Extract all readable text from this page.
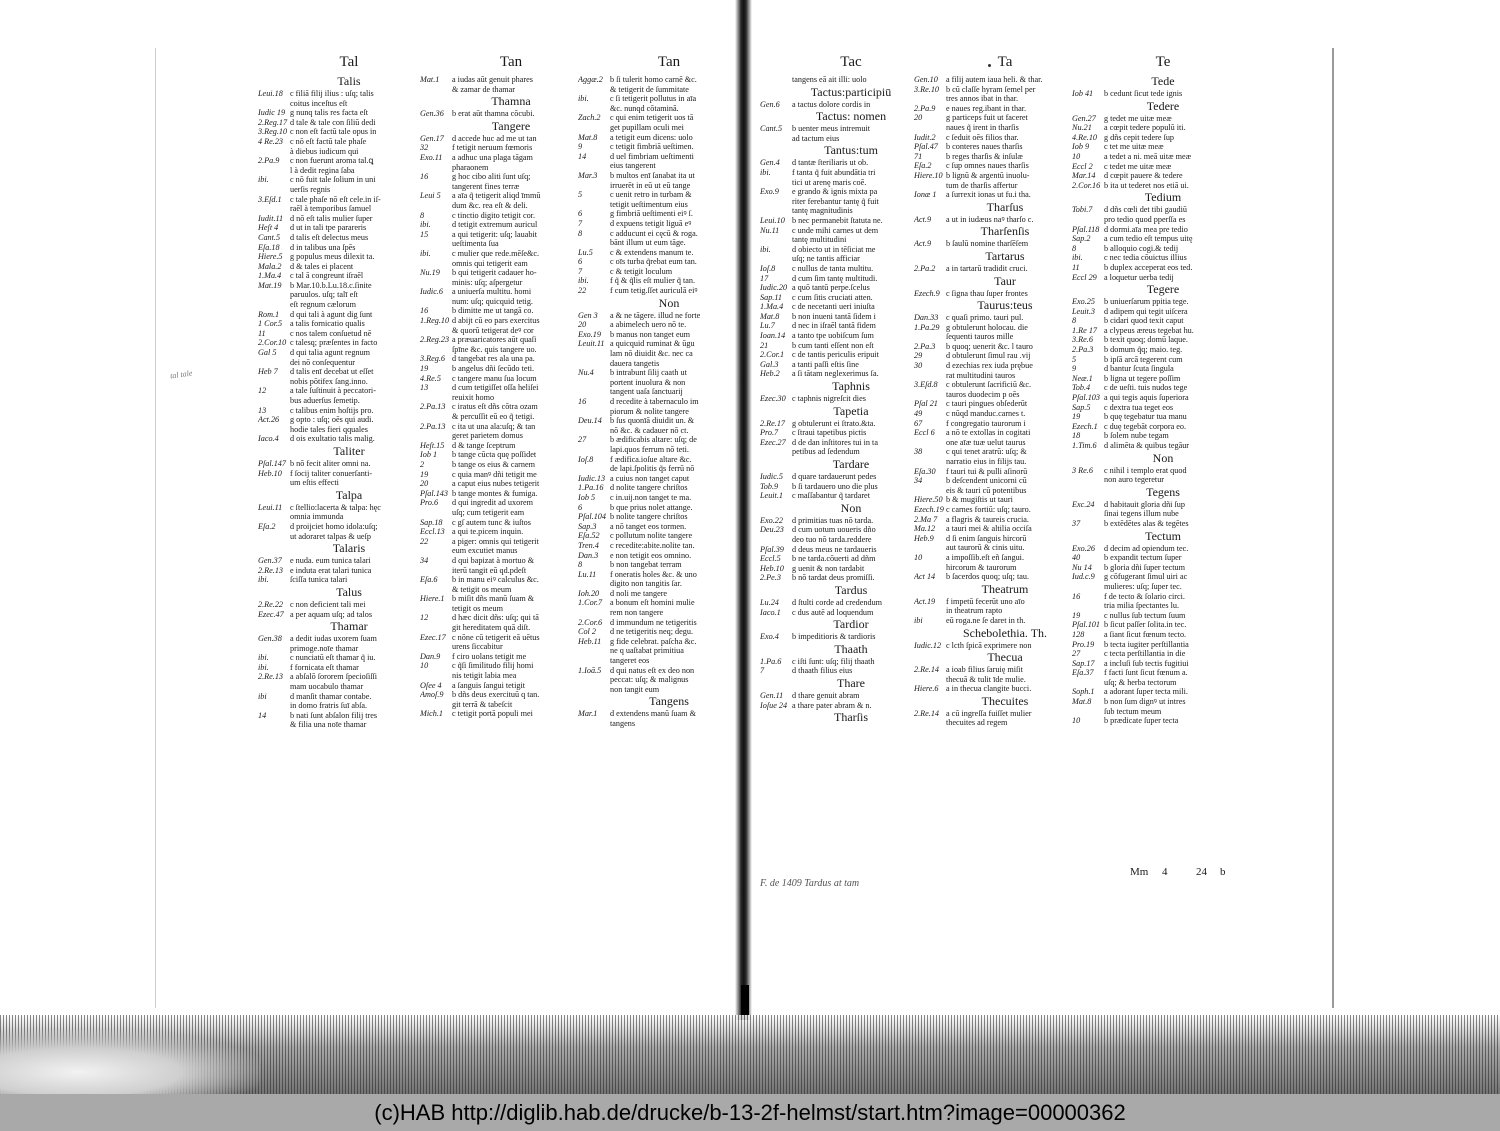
Tal
Talis
Leui.18 c filiā filij ilius : uſq; talis
coitus inceſtus eſt
Iudic 19 g nunq talis res facta eſt
2.Reg.17 d tale & tale con ſiliū dedi
3.Reg.10 c non eſt factū tale opus in
4 Re.23 c nō eſt factū tale phaſe
à diebus iudicum qui
2.Pa.9 c non fuerunt aroma tal.ꝗ
l à dedit regina ſaba
ibi.	c nō fuit tale ſolium in uni
uerſis regnis
3.Eſd.1 c tale phaſe nō eſt cele.in iſ-
raēl à temporibus ſamuel
Iudit.11 d nō eſt talis mulier ſuper
Heſt 4 d ut in tali tpe parareris
Cant.5 d talis eſt delectus meus
Eſa.18 d in talibus una ſpēs
Hiere.5 g populus meus dilexit ta.
Mala.2 d & tales ei placent
1.Ma.4 c tal ā congreunt iſraēl
Mat.19 b Mar.10.b.Lu.18.c.ſinite
paruulos. uſq; talī eſt
eſt regnum cælorum
Rom.1 d qui tali à agunt dig ſunt
1 Cor.5 a talis fornicatio qualis
11	c nos talem conſuetud nē
2.Cor.10 c talesq; præſentes in facto
Gal 5 d qui talia agunt regnum
dei nō conſequentur
Heb 7 d talis enī decebat ut eſſet
nobis pōtifex ſang.inno.
12	a tale ſuſtinuit à peccatori-
bus aduerſus ſemetip.
13	c talibus enim hoſtijs pro.
Act.26 g opto : uſq; oēs qui audi.
hodie tales fieri qquales
Iaco.4 d ois exultatio talis malig.
Taliter
Pſal.147 b nō fecit aliter omni na.
Heb.10 f ſocij taliter conuerſanti-
um eſtis effecti
Talpa
Leui.11 c ſtellio:lacerta & talpa: hęc
omnia immunda
Eſa.2 d proijciet homo idola:uſq;
ut adoraret talpas & ueſp
Talaris
Gen.37 e nuda. eum tunica talari
2.Re.13 e induta erat talari tunica
ibi.	ſciſſa tunica talari
Talus
2.Re.22 c non deficient tali mei
Ezec.47 a per aquam uſq; ad talos
Thamar
Gen.38 a dedit iudas uxorem ſuam
primoge.noīe thamar
ibi.	c nunciatū eſt thamar q̃ iu.
ibi.	f fornicata eſt thamar
2.Re.13 a abſalō ſororem ſpecioſiſſi
mam uocabulo thamar
ibi	d manſit thamar contabe.
in domo fratris ſuī abſa.
14	b nati ſunt abſalon filij tres
& filia una noīe thamar
Tan
Mat.1 a iudas aūt genuit phares
& zamar de thamar
Thamna
Gen.36 b erat aūt thamna cōcubi.
Tangere
Gen.17 d accede huc ad me ut tan
32	f tetigit neruum fœmoris
Exo.11 a adhuc una plaga tāgam
pharaonem
16	g hoc cibo aliti ſunt uſq;
tangerent fines terræ
Leui 5 a aīa q̃ tetigerit aliqd īmmū
dum &c. rea eſt & deli.
8	c tinctio digito tetigit cor.
ibi.	d tetigit extremum auricul
15	a qui tetigerit: uſq; lauabit
ueſtimenta ſua
ibi.	c mulier que rede.mēſe&c.
omnis qui tetigerit eam
Nu.19 b qui tetigerit cadauer ho-
minis: uſq; aſpergetur
Iudic.6 a uniuerſa multitu. homi
num: uſq; quicquid tetig.
16	b dimitte me ut tangā co.
1.Reg.10 d abijt cū eo pars exercitus
& quorū tetigerat deꝰ cor
2.Reg.23 a præuaricatores aūt quaſi
ſpīne &c. quis tangere uo.
3.Reg.6 d tangebat res ala una pa.
19	b angelus dñi ſecūdo teti.
4.Re.5 c tangere manu ſua locum
13	d cum tetigiſſet oſſa heliſei
reuixit homo
2.Pa.13 c iratus eſt dñs cōtra ozam
& percuſſit eū eo q̃ tetigi.
2.Pa.13 c ita ut una ala:uſq; & tan
geret parietem domus
Heſt.15 d & tange ſceptrum
Iob 1 b tange cūcta quę poſſidet
2	b tange os eius & carnem
19	c quia manꝰ dñi tetigit me
20	a caput eius nubes tetigerit
Pſal.143 b tange montes & fumiga.
Pro.6 d qui ingredit ad uxorem
uſq; cum tetigerit eam
Sap.18 c gſ autem tunc & iuſtos
Eccl.13 a qui te.picem inquin.
22	a piger: omnis qui tetigerit
eum excutiet manus
34	d qui bapizat à mortuo &
iterū tangit eū qd.pdeſt
Eſa.6 b in manu eiꝰ calculus &c.
& tetigit os meum
Hiere.1 b miſit dñs manū ſuam &
tetigit os meum
12	d hæc dicit dñs: uſq; qui tā
git hereditatem quā diſt.
Ezec.17 c nōne cū tetigerit eā uētus
urens ſiccabitur
Dan.9 f ciro uolans tetigit me
10	c q̃ſi ſimilitudo filij homi
nis tetigit labia mea
Oſee 4 a ſanguis ſangui tetigit
Amoſ.9 b dñs deus exercituū q tan.
git terrā & tabeſcit
Mich.1 c tetigit portā populi mei
Tan
Aggæ.2 b ſi tulerit homo carnē &c.
& tetigerit de ſummitate
ibi.	c ſi tetigerit pollutus in aīa
&c. nunqd cōtaminā.
Zach.2 c qui enim tetigerit uos tā
get pupillam oculi mei
Mat.8 a tetigit eum dicens: uolo
9	c tetigit fimbriā ueſtimen.
14	d uel fimbriam ueſtimenti
eius tangerent
Mar.3 b multos enī ſanabat ita ut
irruerēt in eū ut eū tange
5	c uenit retro in turbam &
tetigit ueſtimentum eius
6	g fimbriā ueſtimenti eiꝰ ſ.
7	d expuens tetigit liguā eꝰ
8	c adducunt ei cęcū & roga.
bānt illum ut eum tāge.
Lu.5 c & extendens manum te.
6	c oīs turba q̃rebat eum tan.
7	c & tetigit loculum
ibi.	f q̃ & q̃lis eſt mulier q̃ tan.
22	f cum tetig.ſſet auriculā eiꝰ
Non
Gen 3 a & ne tāgere. illud ne forte
20	a abimelech uero nō te.
Exo.19 b manus non tanget eum
Leuit.11 a quicquid ruminat & ūgu
lam nō diuidit &c. nec ca
dauera tangetis
Nu.4 b intrabunt ſilij caath ut
portent inuolura & non
tangent uaſa ſanctuarij
16	d recedite à tabernaculo im
piorum & nolite tangere
Deu.14 b ſus quonīā diuidit un. &
nō &c. & cadauer nō ct.
27	b ædificabis altare: uſq; de
lapi.quos ferrum nō teti.
Ioſ.8 f ædifica.ioſue altare &c.
de lapi.ſpolitis q̃s ferrū nō
Iudic.13 a cuius non tanget caput
1.Pa.16 d nolite tangere chriſtos
Iob 5 c in.uij.non tanget te ma.
6	b que prius nolet attange.
Pſal.104 b nolite tangere chriſtos
Sap.3 a nō tanget eos tormen.
Eſa.52 c pollutum nolite tangere
Tren.4 c recedite:abite.nolite tan.
Dan.3 e non tetigit eos omnino.
8	b non tangebat terram
Lu.11 f oneratis holes &c. & uno
digito non tangitis ſar.
Ioh.20 d noli me tangere
1.Cor.7 a bonum eſt homini mulie
rem non tangere
2.Cor.6 d immundum ne tetigeritis
Col 2 d ne tetigeritis neq; degu.
Heb.11 g fide celebrat. paſcha &c.
ne q uaſtabat primitiua
tangeret eos
1.Ioā.5 d qui natus eſt ex deo non
peccat: uſq; & malignus
non tangit eum
Tangens
Mar.1 d extendens manū ſuam &
tangens
Tac
tangens eā ait illi: uolo
Tactus:participiū
Gen.6 a tactus dolore cordis in
Tactus: nomen
Cant.5 b uenter meus intremuit
ad tactum eius
Tantus:tum
Gen.4 d tantæ ſteriliaris ut ob.
ibi.	f tanta q̃ fuit abundātia tri
tici ut arenę maris coē.
Exo.9 e grando & ignis mixta pa
riter ferebantur tantę q̃ fuit
tantę magnitudinis
Leui.10 b nec permanebit ſtatuta ne.
Nu.11 c unde mihi carnes ut dem
tantę multitudini
ibi.	d obiecto ut in tēſiciat me
uſq; ne tantis afficiar
Ioſ.8 c nullus de tanta multitu.
17	d cum ſim tantę multitudi.
Iudic.20 a quō tantū perpe.ſcelus
Sap.11 c cum ſitis cruciati atten.
1.Ma.4 c de necetanti ueri iniuſta
Mat.8 b non inueni tantā ſidem i
Lu.7 d nec in iſraēl tantā fidem
Ioan.14 a tanto tpe uobiſcum ſum
21	b cum tanti eſſent non eſt
2.Cor.1 c de tantis periculis eripuit
Gal.3 a tanti paſſi eſtis ſine
Heb.2 a ſi tātam neglexerimus ſa.
Taphnis
Ezec.30 c taphnis nigreſcit dies
Tapetia
2.Re.17 g obtulerunt ei ſtrato.&ta.
Pro.7 c ſtraui tapetibus pictis
Ezec.27 d de dan inſtitores tui in ta
petibus ad ſedendum
Tardare
Iudic.5 d quare tardauerunt pedes
Tob.9 b ſi tardauero uno die plus
Leuit.1 c maſſabantur q̃ tardaret
Non
Exo.22 d primitias tuas nō tarda.
Deu.23 d cum uotum uoueris dño
deo tuo nō tarda.reddere
Pſal.39 d deus meus ne tardaueris
Eccl.5 b ne tarda.cōuerti ad dñm
Heb.10 g uenit & non tardabit
2.Pe.3 b nō tardat deus promiſſi.
Tardus
Lu.24 d ſtulti corde ad credendum
Iaco.1 c dus autē ad loquendum
Tardior
Exo.4 b impeditioris & tardioris
Thaath
1.Pa.6 c iſti ſunt: uſq; filij thaath
7	d thaath filius eius
Thare
Gen.11 d thare genuit abram
Ioſue 24 a thare pater abram & n.
Tharſis
Ta
Gen.10 a filij autem iaua heli. & thar.
3.Re.10 b cū claſſe hyram ſemel per
tres annos ibat in thar.
2.Pa.9 e naues reg.ibant in thar.
20	g particeps fuit ut faceret
naues q̃ irent in tharſis
Iudit.2 c ſeduit oēs filios thar.
Pſal.47 b conteres naues tharſis
71	b reges tharſis & inſulæ
Eſa.2 c ſup omnes naues tharſis
Hiere.10 b lignū & argentū inuolu-
tum de tharſis affertur
Ionæ 1 a ſurrexit ionas ut fu.i tha.
Tharſus
Act.9 a ut in iudæus naꝰ tharſo c.
Tharſenſis
Act.9 b ſaulū nomine tharſēſem
Tartarus
2.Pa.2 a in tartarū tradidit cruci.
Taur
Ezech.9 c ſigna thau ſuper frontes
Taurus:teus
Dan.33 c quaſi primo. tauri pul.
1.Pa.29 g obtulerunt holocau. die
ſequenti tauros mille
2.Pa.3 b quoq; uenerit &c. l tauro
29	d obtulerunt ſimul rau .vij
30	d ezechias rex iuda prębue
rat multitudini tauros
3.Eſd.8 c obtulerunt ſacrificiū &c.
tauros duodecim p oēs
Pſal 21 c tauri pingues obſederūt
49	c nūqd manduc.carnes t.
67	f congregatio taurorum i
Eccl 6 a nō te extollas in cogitati
one aīæ tuæ uelut taurus
38	c qui tenet aratrū: uſq; &
narratio eius in filijs tau.
Eſa.30 f tauri tui & pulli aſinorū
34	b deſcendent unicorni cū
eis & tauri cū potentibus
Hiere.50 b & mugiſtis ut tauri
Ezech.19 c carnes fortiū: uſq; tauro.
2.Ma 7 a flagris & taureis crucia.
Ma.12 a tauri mei & altilia occiſa
Heb.9 d ſi enim ſanguis hircorū
aut taurorū & cinis uitu.
10	a impoſſib.eſt eñ ſangui.
hircorum & taurorum
Act 14 b ſacerdos quoq; uſq; tau.
Theatrum
Act.19 f impetū fecerūt uno aīo
in theatrum rapto
ibi	eū roga.ne ſe daret in th.
Schebolethia. Th.
Iudic.12 c lcth ſpicā exprimere non
Thecua
2.Re.14 a ioab filius ſaruię miſit
thecuā & tulit īde mulie.
Hiere.6 a in thecua clangite bucci.
Thecuites
2.Re.14 a cū ingreſſa fuiſſet mulier
thecuites ad regem
Te
Tede
Iob 41 b cedunt ſicut tede ignis
Tedere
Gen.27 g tedet me uitæ meæ
Nu.21 a cœpit tedere populū iti.
4.Re.10 g dñs cepit tedere ſup
Iob 9 c tet me uitæ meæ
10	a tedet a ni. meā uitæ meæ
Eccl 2 c tedet me uitæ meæ
Mar.14 d cœpit pauere & tedere
2.Cor.16 b ita ut tederet nos etiā ui.
Tedium
Tobi.7 d dñs cœli det tibi gaudiū
pro tedio quod pperſſa es
Pſal.118 d dormi.aīa mea pre tedio
Sap.2 a cum tedio eſt tempus uitę
8	b alloquio cogi.& tedij
ibi.	c nec tedia cōuictus illius
11	b duplex acceperat eos ted.
Eccl 29 a loquetur uerba tedij
Tegere
Exo.25 b uniuerſarum ppitia tege.
Leuit.3 d adipem qui tegit uiſcera
8	b cidari quod texit caput
1.Re 17 a clypeus æreus tegebat hu.
3.Re.6 b texit quoq; domū laque.
2.Pa.3 b domum q̃q; maio. teg.
5	b ipſā arcā tegerent cum
9	d bantur ſcuta ſingula
Neæ.1 b ligna ut tegere poſſim
Tob.4 c de ueſti. tuis nudos tege
Pſal.103 a qui tegis aquis ſuperiora
Sap.5 c dextra tua teget eos
19	b quę tegebatur tua manu
Ezech.1 c duę tegebāt corpora eo.
18	b ſolem nube tegam
1.Tim.6 d alimēta & quibus tegāur
Non
3 Re.6 c nihil i templo erat quod
non auro tegeretur
Tegens
Exc.24 d habitauit gloria dñi ſup
ſinai tegens illum nube
37	b extēdētes alas & tegētes
Tectum
Exo.26 d decim ad opiendum tec.
40	b expandit tectum ſuper
Nu 14 b gloria dñi ſuper tectum
Iud.c.9 g cōfugerant ſimul uiri ac
mulieres: uſq; ſuper tec.
16	f de tecto & ſolario circi.
tria milia ſpectantes lu.
19	c nullus ſub tectum ſuum
Pſal.101 b ſicut paſſer ſolita.in tec.
128 a ſiant ſicut fœnum tecto.
Pro.19 b tecta iugiter perſtillantia
27	c tecta perſtillantia in die
Sap.17 a incluſi ſub tectis fugitiui
Eſa.37 f facti ſunt ſicut fœnum a.
uſq; & herba tectorum
Soph.1 a adorant ſuper tecta mili.
Mat.8 b non ſum dignꝰ ut intres
ſub tectum meum
10	b prædicate ſuper tecta
tal tale
F. de 1409 Tardus at tam
Mm 4	24 b
(c)HAB http://diglib.hab.de/drucke/b-13-2f-helmst/start.htm?image=00000362
